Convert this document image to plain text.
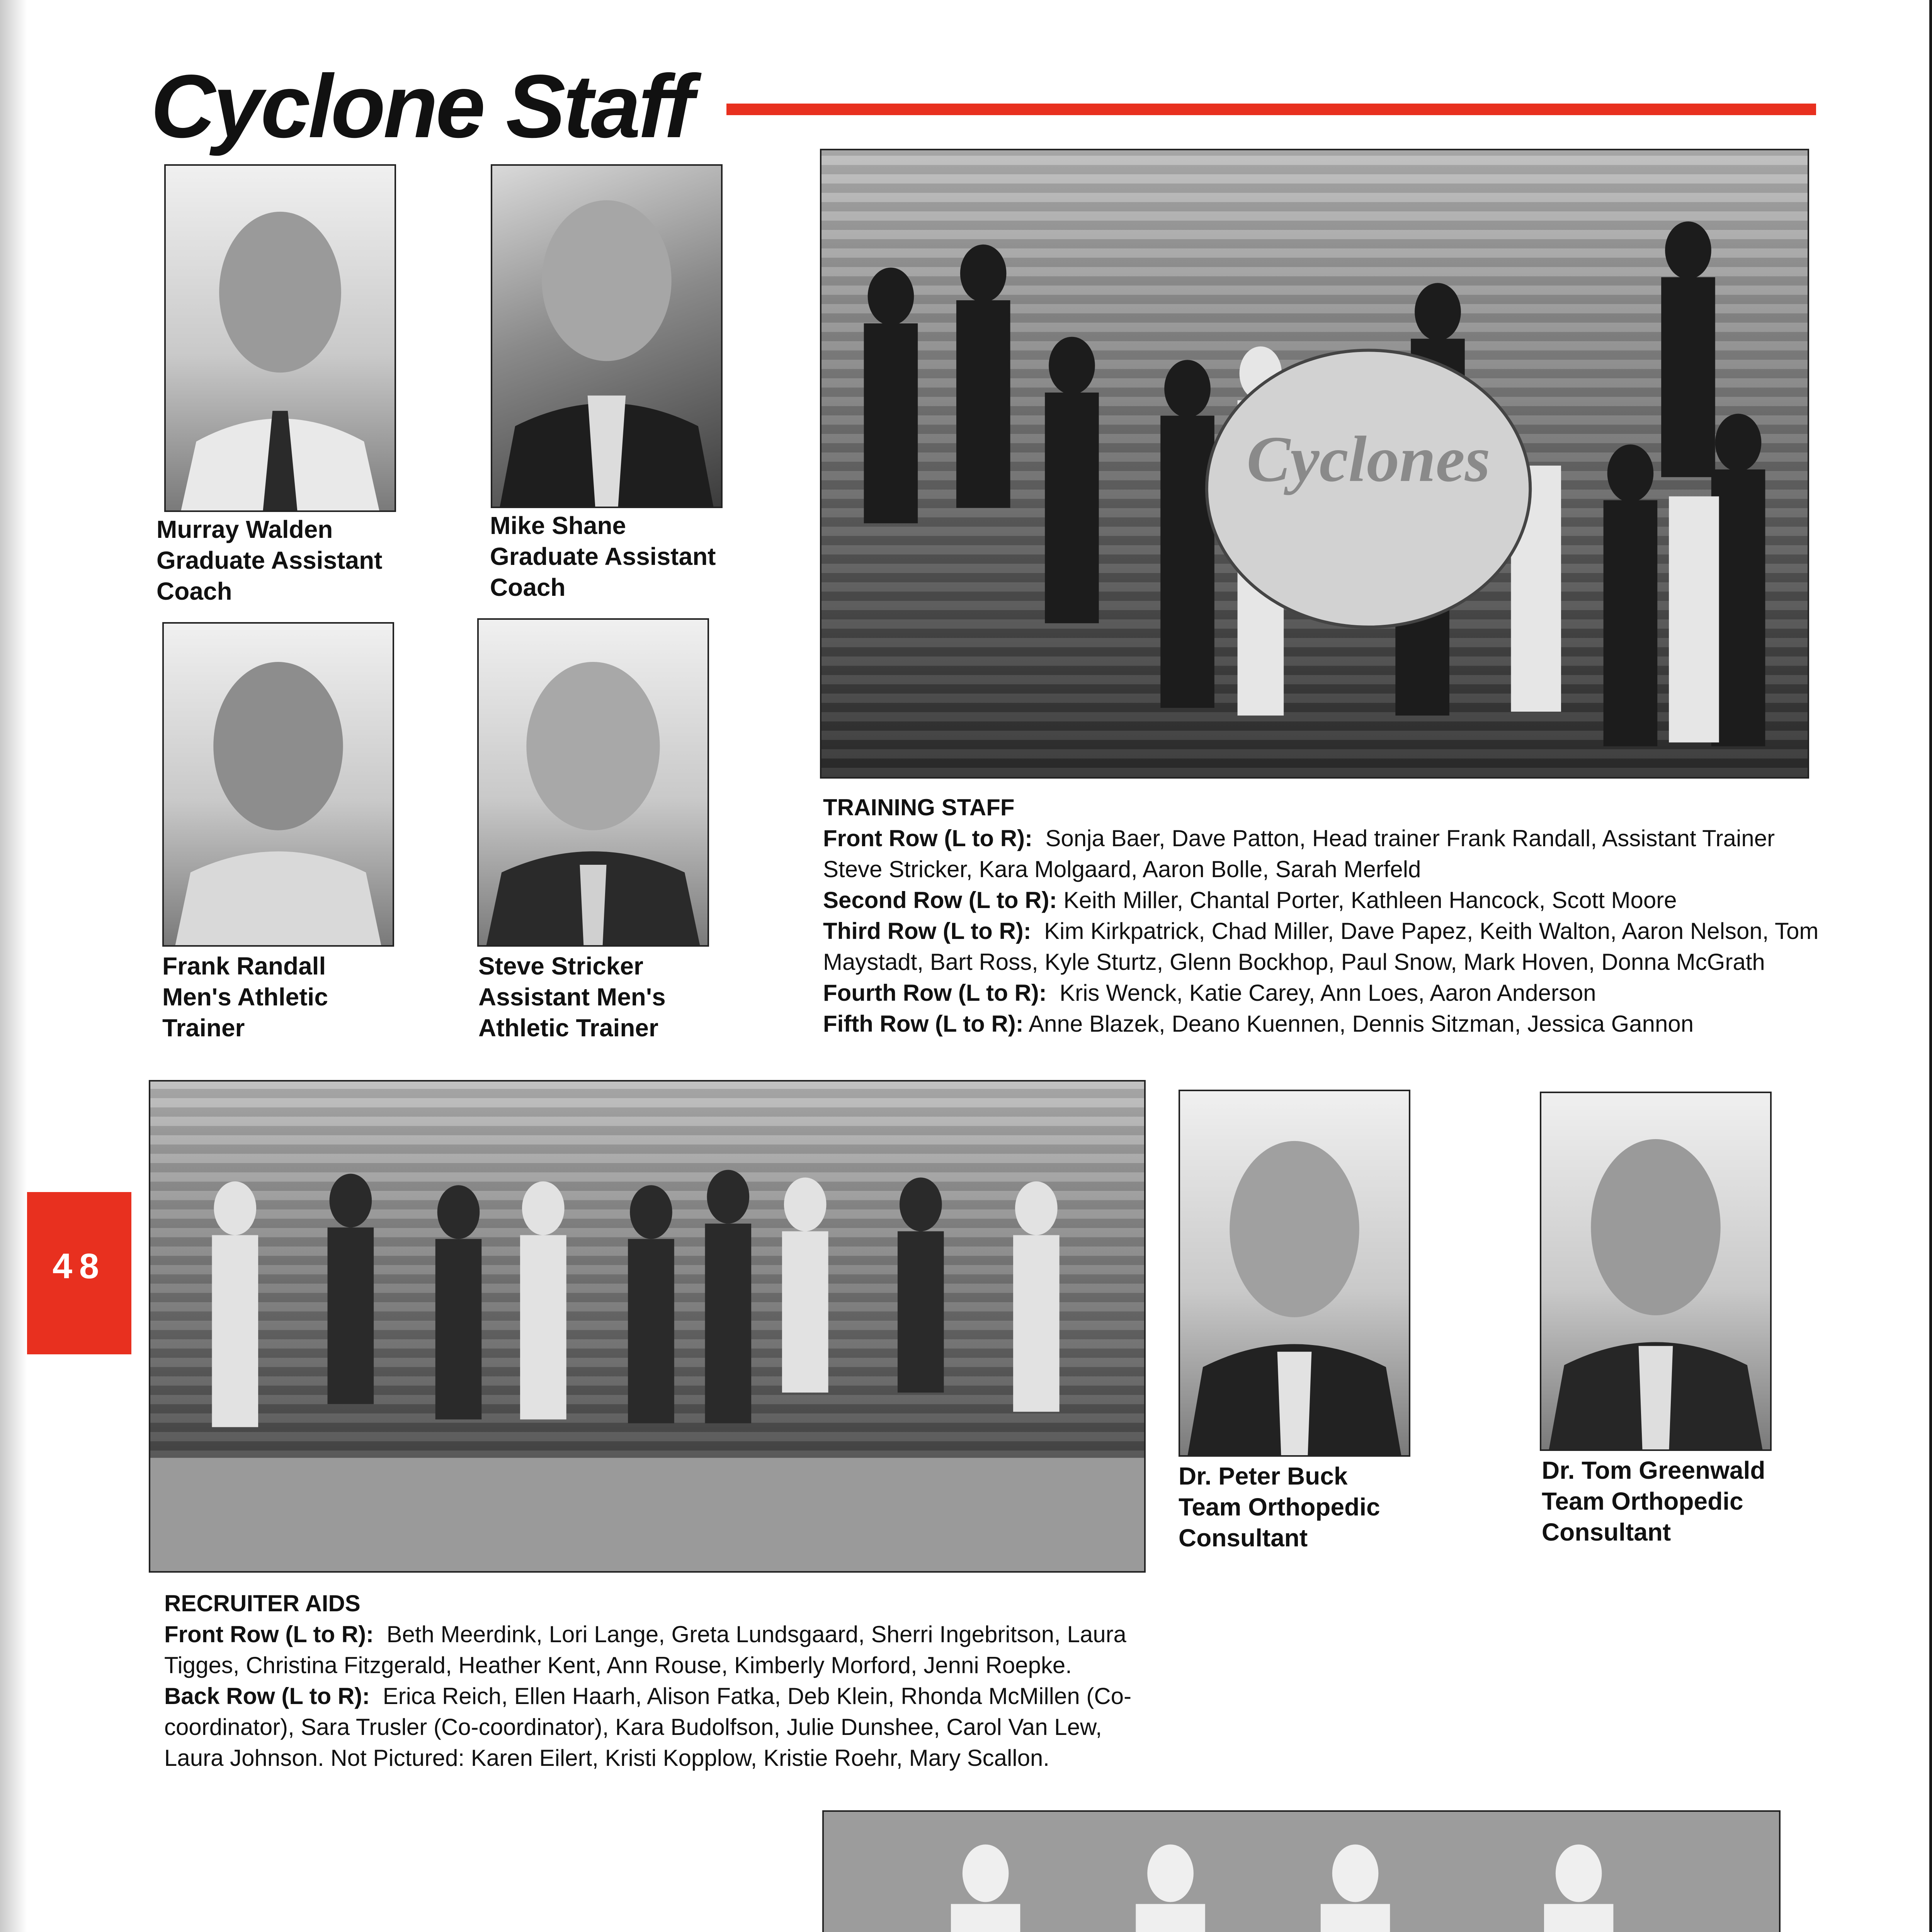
Cyclone Staff
Murray Walden
Graduate Assistant
Coach
Mike Shane
Graduate Assistant
Coach
Frank Randall
Men's Athletic
Trainer
Steve Stricker
Assistant Men's
Athletic Trainer
Cyclones
TRAINING STAFF

Front Row (L to R): Sonja Baer, Dave Patton, Head trainer Frank Randall, Assistant Trainer Steve Stricker, Kara Molgaard, Aaron Bolle, Sarah Merfeld

Second Row (L to R): Keith Miller, Chantal Porter, Kathleen Hancock, Scott Moore

Third Row (L to R): Kim Kirkpatrick, Chad Miller, Dave Papez, Keith Walton, Aaron Nelson, Tom Maystadt, Bart Ross, Kyle Sturtz, Glenn Bockhop, Paul Snow, Mark Hoven, Donna McGrath

Fourth Row (L to R): Kris Wenck, Katie Carey, Ann Loes, Aaron Anderson

Fifth Row (L to R): Anne Blazek, Deano Kuennen, Dennis Sitzman, Jessica Gannon

48
RECRUITER AIDS

Front Row (L to R): Beth Meerdink, Lori Lange, Greta Lundsgaard, Sherri Ingebritson, Laura Tigges, Christina Fitzgerald, Heather Kent, Ann Rouse, Kimberly Morford, Jenni Roepke.

Back Row (L to R): Erica Reich, Ellen Haarh, Alison Fatka, Deb Klein, Rhonda McMillen (Co-coordinator), Sara Trusler (Co-coordinator), Kara Budolfson, Julie Dunshee, Carol Van Lew, Laura Johnson. Not Pictured: Karen Eilert, Kristi Kopplow, Kristie Roehr, Mary Scallon.

Dr. Peter Buck
Team Orthopedic
Consultant
Dr. Tom Greenwald
Team Orthopedic
Consultant
